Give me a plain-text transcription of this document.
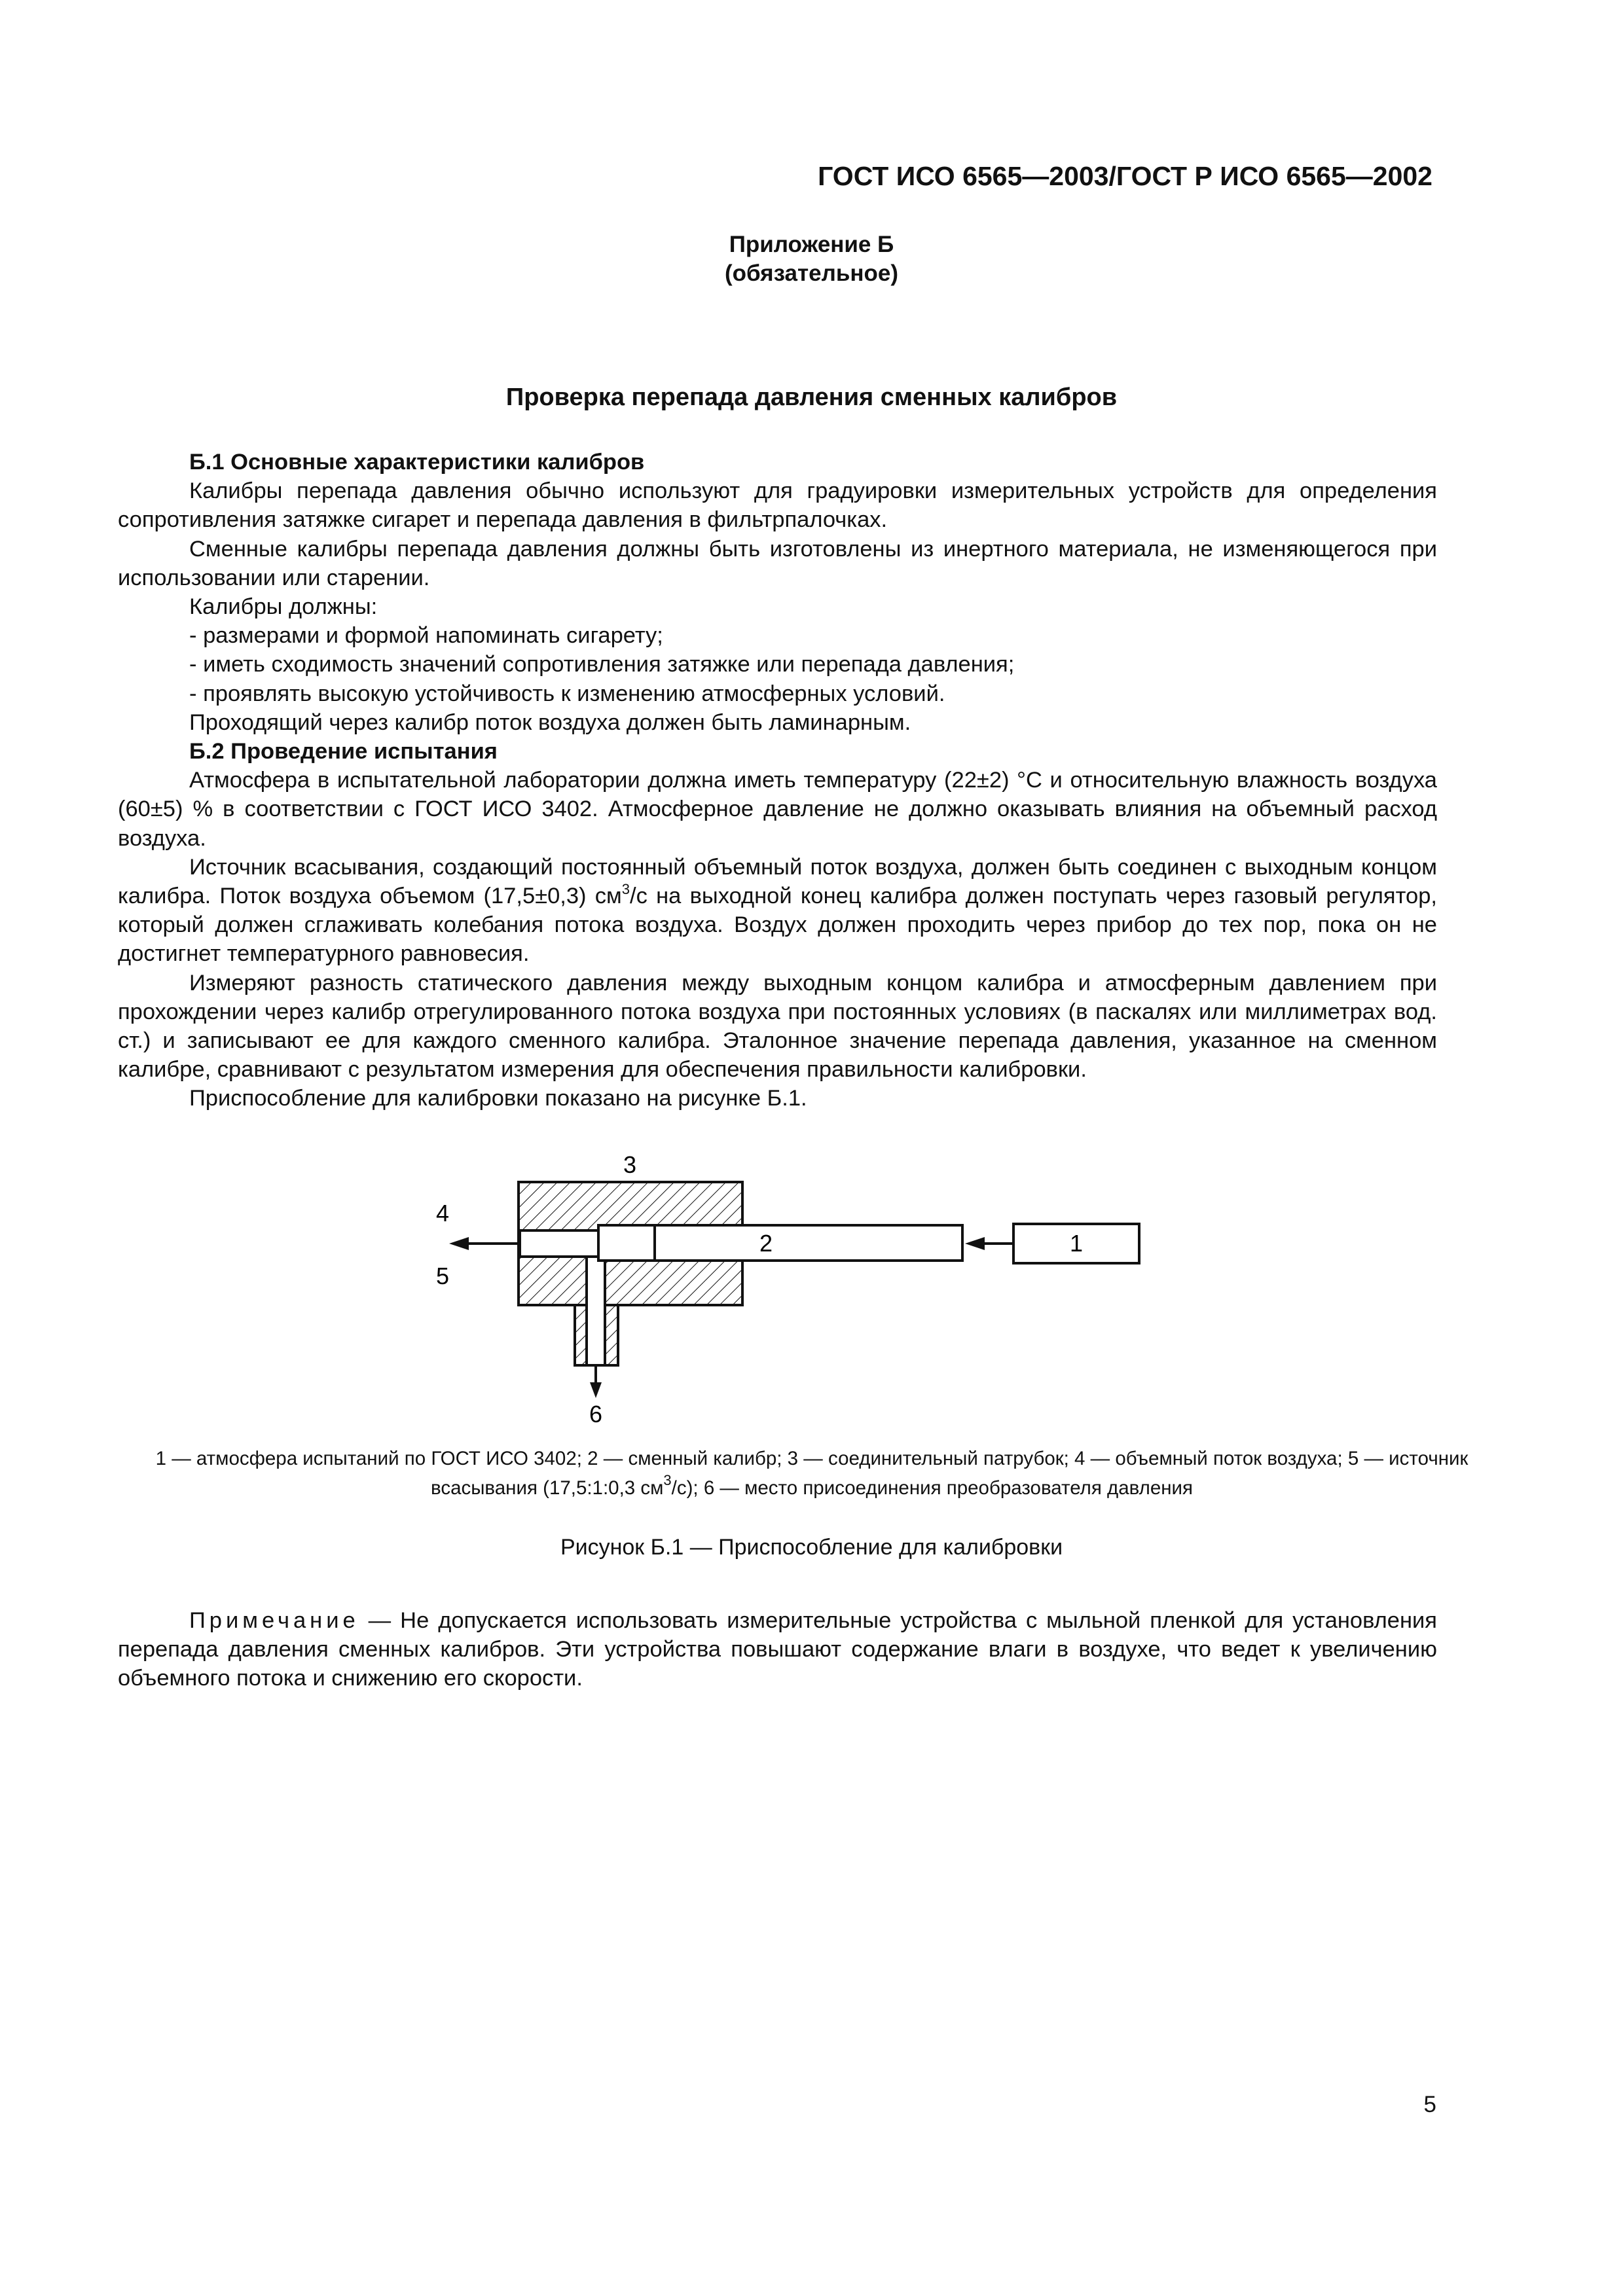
ГОСТ ИСО 6565—2003/ГОСТ Р ИСО 6565—2002
Приложение Б
(обязательное)
Проверка перепада давления сменных калибров
Б.1 Основные характеристики калибров

Калибры перепада давления обычно используют для градуировки измерительных устройств для определения сопротивления затяжке сигарет и перепада давления в фильтрпалочках.

Сменные калибры перепада давления должны быть изготовлены из инертного материала, не изменяющегося при использовании или старении.

Калибры должны:

- размерами и формой напоминать сигарету;

- иметь сходимость значений сопротивления затяжке или перепада давления;

- проявлять высокую устойчивость к изменению атмосферных условий.

Проходящий через калибр поток воздуха должен быть ламинарным.

Б.2 Проведение испытания

Атмосфера в испытательной лаборатории должна иметь температуру (22±2) °С и относительную влажность воздуха (60±5) % в соответствии с ГОСТ ИСО 3402. Атмосферное давление не должно оказывать влияния на объемный расход воздуха.

Источник всасывания, создающий постоянный объемный поток воздуха, должен быть соединен с выходным концом калибра. Поток воздуха объемом (17,5±0,3) $см^3/с$ на выходной конец калибра должен поступать через газовый регулятор, который должен сглаживать колебания потока воздуха. Воздух должен проходить через прибор до тех пор, пока он не достигнет температурного равновесия.

Измеряют разность статического давления между выходным концом калибра и атмосферным давлением при прохождении через калибр отрегулированного потока воздуха при постоянных условиях (в паскалях или миллиметрах вод. ст.) и записывают ее для каждого сменного калибра. Эталонное значение перепада давления, указанное на сменном калибре, сравнивают с результатом измерения для обеспечения правильности калибровки.

Приспособление для калибровки показано на рисунке Б.1.

3
4
5
2	1
6
1 — атмосфера испытаний по ГОСТ ИСО 3402; 2 — сменный калибр; 3 — соединительный патрубок; 4 — объемный поток воздуха; 5 — источник всасывания (17,5:1:0,3 $см^3/с$); 6 — место присоединения преобразователя давления
Рисунок Б.1 — Приспособление для калибровки
Примечание — Не допускается использовать измерительные устройства с мыльной пленкой для установления перепада давления сменных калибров. Эти устройства повышают содержание влаги в воздухе, что ведет к увеличению объемного потока и снижению его скорости.
5
